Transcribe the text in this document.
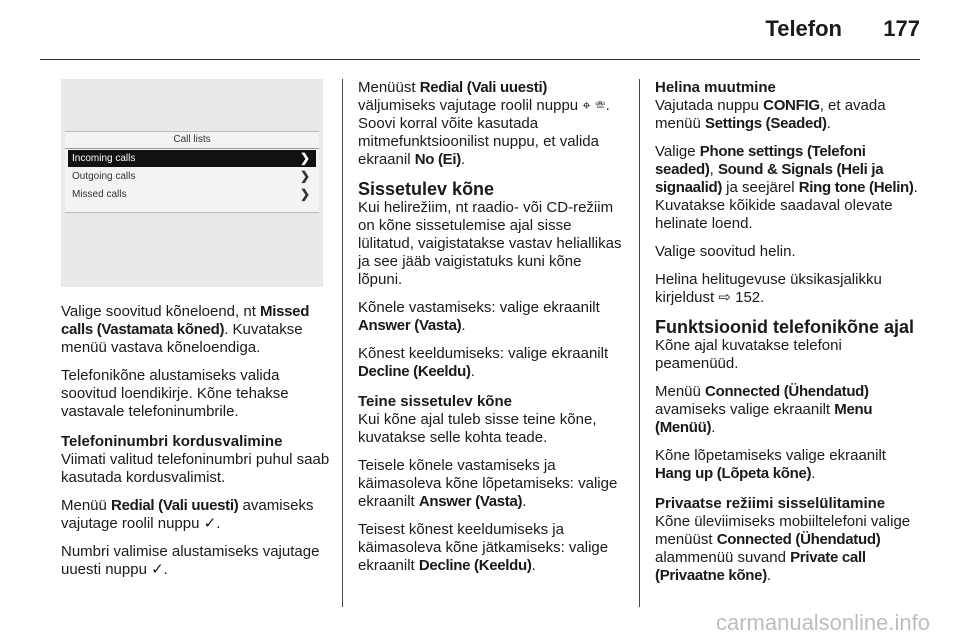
Telefon 177
Call lists
Incoming calls	❯
Outgoing calls	❯
Missed calls	❯

Valige soovitud kõneloend, nt Missed calls (Vastamata kõned). Kuvatakse menüü vastava kõneloendiga.

Telefonikõne alustamiseks valida soovitud loendikirje. Kõne tehakse vastavale telefoninumbrile.

Telefoninumbri kordusvalimine

Viimati valitud telefoninumbri puhul saab kasutada kordusvalimist.

Menüü Redial (Vali uuesti) avamiseks vajutage roolil nuppu ✓.

Numbri valimise alustamiseks vajutage uuesti nuppu ✓.

Menüüst Redial (Vali uuesti) väljumiseks vajutage roolil nuppu ⌖ ☏. Soovi korral võite kasutada mitmefunktsioonilist nuppu, et valida ekraanil No (Ei).

Sissetulev kõne

Kui helirežiim, nt raadio- või CD-režiim on kõne sissetulemise ajal sisse lülitatud, vaigistatakse vastav heliallikas ja see jääb vaigistatuks kuni kõne lõpuni.

Kõnele vastamiseks: valige ekraanilt Answer (Vasta).

Kõnest keeldumiseks: valige ekraanilt Decline (Keeldu).

Teine sissetulev kõne

Kui kõne ajal tuleb sisse teine kõne, kuvatakse selle kohta teade.

Teisele kõnele vastamiseks ja käimasoleva kõne lõpetamiseks: valige ekraanilt Answer (Vasta).

Teisest kõnest keeldumiseks ja käimasoleva kõne jätkamiseks: valige ekraanilt Decline (Keeldu).

Helina muutmine

Vajutada nuppu CONFIG, et avada menüü Settings (Seaded).

Valige Phone settings (Telefoni seaded), Sound & Signals (Heli ja signaalid) ja seejärel Ring tone (Helin). Kuvatakse kõikide saadaval olevate helinate loend.

Valige soovitud helin.

Helina helitugevuse üksikasjalikku kirjeldust ⇨ 152.

Funktsioonid telefonikõne ajal

Kõne ajal kuvatakse telefoni peamenüüd.

Menüü Connected (Ühendatud) avamiseks valige ekraanilt Menu (Menüü).

Kõne lõpetamiseks valige ekraanilt Hang up (Lõpeta kõne).

Privaatse režiimi sisselülitamine

Kõne üleviimiseks mobiiltelefoni valige menüüst Connected (Ühendatud) alammenüü suvand Private call (Privaatne kõne).

carmanualsonline.info
